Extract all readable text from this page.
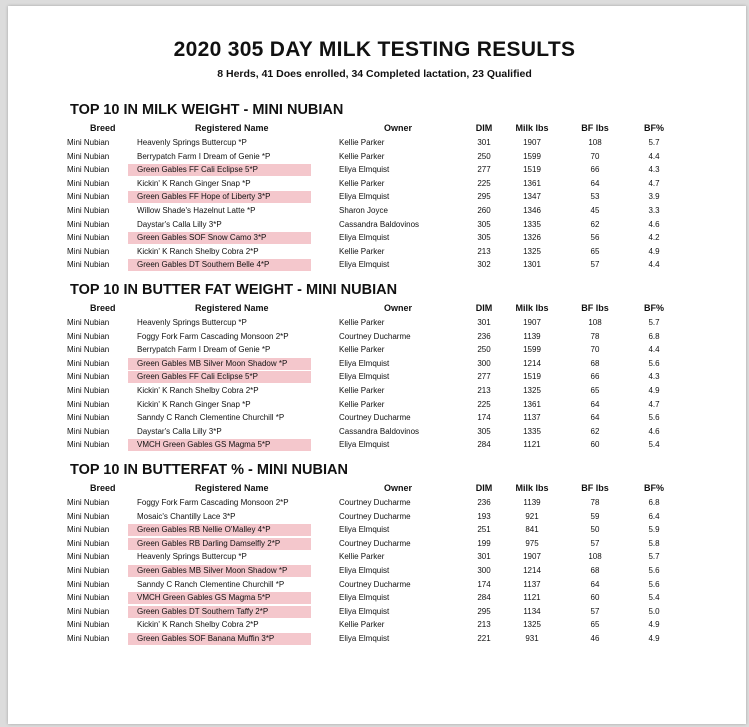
2020 305 DAY MILK TESTING RESULTS

8 Herds, 41 Does enrolled, 34 Completed lactation, 23 Qualified

TOP 10 IN MILK WEIGHT - MINI NUBIAN
Breed	Registered Name	Owner	DIM	Milk lbs	BF lbs	BF%
Mini Nubian	Heavenly Springs Buttercup *P	Kellie Parker	301	1907	108	5.7
Mini Nubian	Berrypatch Farm I Dream of Genie *P	Kellie Parker	250	1599	70	4.4
Mini Nubian	Green Gables FF Cali Eclipse 5*P	Eliya Elmquist	277	1519	66	4.3
Mini Nubian	Kickin' K Ranch Ginger Snap *P	Kellie Parker	225	1361	64	4.7
Mini Nubian	Green Gables FF Hope of Liberty 3*P	Eliya Elmquist	295	1347	53	3.9
Mini Nubian	Willow Shade's Hazelnut Latte *P	Sharon Joyce	260	1346	45	3.3
Mini Nubian	Daystar's Calla Lilly 3*P	Cassandra Baldovinos	305	1335	62	4.6
Mini Nubian	Green Gables SOF Snow Camo 3*P	Eliya Elmquist	305	1326	56	4.2
Mini Nubian	Kickin' K Ranch Shelby Cobra 2*P	Kellie Parker	213	1325	65	4.9
Mini Nubian	Green Gables DT Southern Belle 4*P	Eliya Elmquist	302	1301	57	4.4
TOP 10 IN BUTTER FAT WEIGHT - MINI NUBIAN
Breed	Registered Name	Owner	DIM	Milk lbs	BF lbs	BF%
Mini Nubian	Heavenly Springs Buttercup *P	Kellie Parker	301	1907	108	5.7
Mini Nubian	Foggy Fork Farm Cascading Monsoon 2*P	Courtney Ducharme	236	1139	78	6.8
Mini Nubian	Berrypatch Farm I Dream of Genie *P	Kellie Parker	250	1599	70	4.4
Mini Nubian	Green Gables MB Silver Moon Shadow *P	Eliya Elmquist	300	1214	68	5.6
Mini Nubian	Green Gables FF Cali Eclipse 5*P	Eliya Elmquist	277	1519	66	4.3
Mini Nubian	Kickin' K Ranch Shelby Cobra 2*P	Kellie Parker	213	1325	65	4.9
Mini Nubian	Kickin' K Ranch Ginger Snap *P	Kellie Parker	225	1361	64	4.7
Mini Nubian	Sanndy C Ranch Clementine Churchill *P	Courtney Ducharme	174	1137	64	5.6
Mini Nubian	Daystar's Calla Lilly 3*P	Cassandra Baldovinos	305	1335	62	4.6
Mini Nubian	VMCH Green Gables GS Magma 5*P	Eliya Elmquist	284	1121	60	5.4
TOP 10 IN BUTTERFAT % - MINI NUBIAN
Breed	Registered Name	Owner	DIM	Milk lbs	BF lbs	BF%
Mini Nubian	Foggy Fork Farm Cascading Monsoon 2*P	Courtney Ducharme	236	1139	78	6.8
Mini Nubian	Mosaic's Chantilly Lace 3*P	Courtney Ducharme	193	921	59	6.4
Mini Nubian	Green Gables RB Nellie O'Malley 4*P	Eliya Elmquist	251	841	50	5.9
Mini Nubian	Green Gables RB Darling Damselfly 2*P	Courtney Ducharme	199	975	57	5.8
Mini Nubian	Heavenly Springs Buttercup *P	Kellie Parker	301	1907	108	5.7
Mini Nubian	Green Gables MB Silver Moon Shadow *P	Eliya Elmquist	300	1214	68	5.6
Mini Nubian	Sanndy C Ranch Clementine Churchill *P	Courtney Ducharme	174	1137	64	5.6
Mini Nubian	VMCH Green Gables GS Magma 5*P	Eliya Elmquist	284	1121	60	5.4
Mini Nubian	Green Gables DT Southern Taffy 2*P	Eliya Elmquist	295	1134	57	5.0
Mini Nubian	Kickin' K Ranch Shelby Cobra 2*P	Kellie Parker	213	1325	65	4.9
Mini Nubian	Green Gables SOF Banana Muffin 3*P	Eliya Elmquist	221	931	46	4.9
